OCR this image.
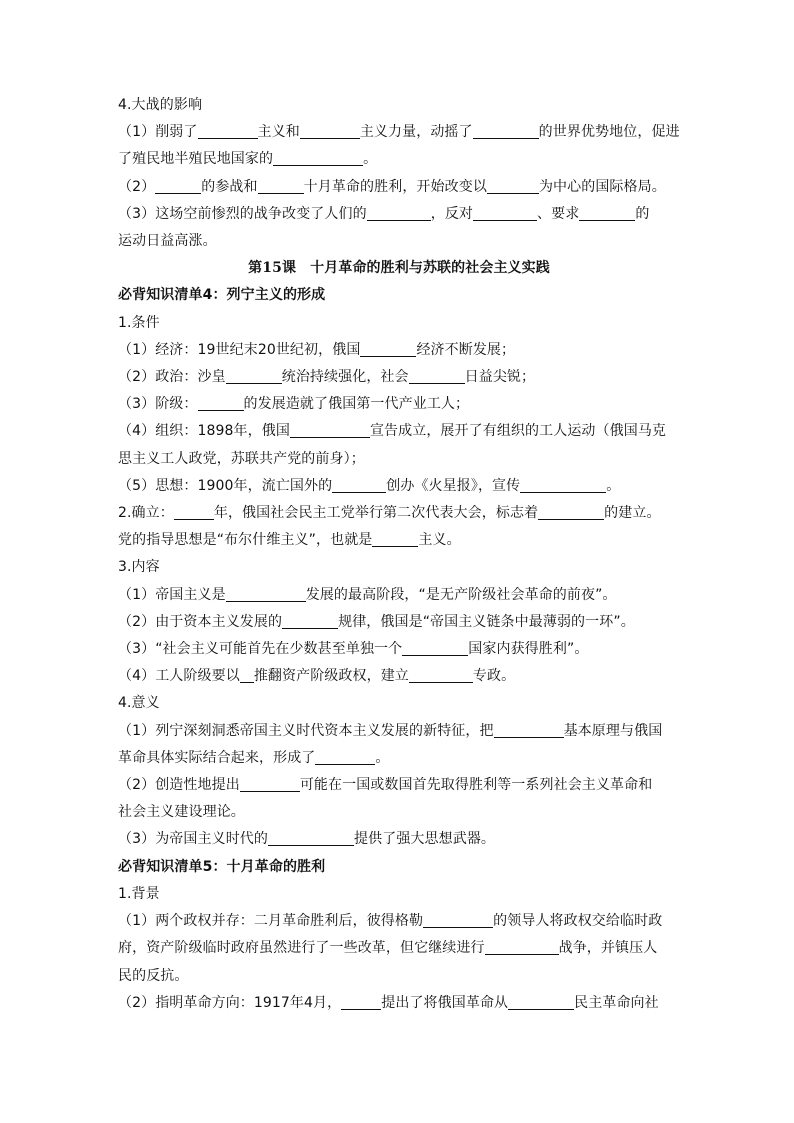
4.大战的影响
（1）削弱了	主义和	主义力量，动摇了	的世界优势地位，促进
了殖民地半殖民地国家的	。
（2）	的参战和	十月革命的胜利，开始改变以	为中心的国际格局。
（3）这场空前惨烈的战争改变了人们的	，反对	、要求	的
运动日益高涨。
第15课　十月革命的胜利与苏联的社会主义实践
必背知识清单4：列宁主义的形成
1.条件
（1）经济：19世纪末20世纪初，俄国	经济不断发展；
（2）政治：沙皇	统治持续强化，社会	日益尖锐；
（3）阶级：	的发展造就了俄国第一代产业工人；
（4）组织：1898年，俄国	宣告成立，展开了有组织的工人运动（俄国马克
思主义工人政党，苏联共产党的前身）；
（5）思想：1900年，流亡国外的	创办《火星报》，宣传	。
2.确立：	年，俄国社会民主工党举行第二次代表大会，标志着	的建立。
党的指导思想是“布尔什维主义”，也就是	主义。
3.内容
（1）帝国主义是	发展的最高阶段，“是无产阶级社会革命的前夜”。
（2）由于资本主义发展的	规律，俄国是“帝国主义链条中最薄弱的一环”。
（3）“社会主义可能首先在少数甚至单独一个	国家内获得胜利”。
（4）工人阶级要以 推翻资产阶级政权，建立	专政。
4.意义
（1）列宁深刻洞悉帝国主义时代资本主义发展的新特征，把	基本原理与俄国
革命具体实际结合起来，形成了	。
（2）创造性地提出	可能在一国或数国首先取得胜利等一系列社会主义革命和
社会主义建设理论。
（3）为帝国主义时代的	提供了强大思想武器。
必背知识清单5：十月革命的胜利
1.背景
（1）两个政权并存：二月革命胜利后，彼得格勒	的领导人将政权交给临时政
府，资产阶级临时政府虽然进行了一些改革，但它继续进行	战争，并镇压人
民的反抗。
（2）指明革命方向：1917年4月，	提出了将俄国革命从	民主革命向社
